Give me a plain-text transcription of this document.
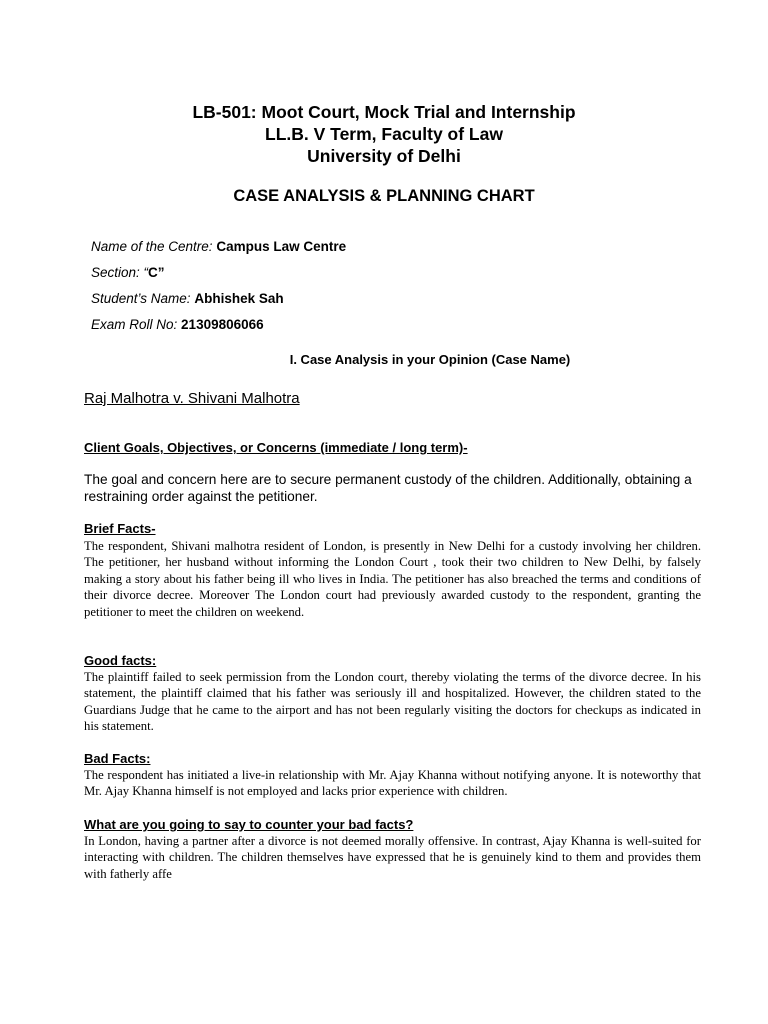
LB-501: Moot Court, Mock Trial and Internship
LL.B. V Term, Faculty of Law
University of Delhi
CASE ANALYSIS & PLANNING CHART
Name of the Centre: Campus Law Centre
Section: “C”
Student’s Name: Abhishek Sah
Exam Roll No: 21309806066
I. Case Analysis in your Opinion (Case Name)
Raj Malhotra v. Shivani Malhotra
Client Goals, Objectives, or Concerns (immediate / long term)-
The goal and concern here are to secure permanent custody of the children. Additionally, obtaining a restraining order against the petitioner.
Brief Facts-
The respondent, Shivani malhotra resident of London, is presently in New Delhi for a custody involving her children. The petitioner, her husband without informing the London Court , took their two children to New Delhi, by falsely making a story about his father being ill who lives in India. The petitioner has also breached the terms and conditions of their divorce decree. Moreover The London court had previously awarded custody to the respondent, granting the petitioner to meet the children on weekend.
Good facts:
The plaintiff failed to seek permission from the London court, thereby violating the terms of the divorce decree. In his statement, the plaintiff claimed that his father was seriously ill and hospitalized. However, the children stated to the Guardians Judge that he came to the airport and has not been regularly visiting the doctors for checkups as indicated in his statement.
Bad Facts:
The respondent has initiated a live-in relationship with Mr. Ajay Khanna without notifying anyone. It is noteworthy that Mr. Ajay Khanna himself is not employed and lacks prior experience with children.
What are you going to say to counter your bad facts?
In London, having a partner after a divorce is not deemed morally offensive. In contrast, Ajay Khanna is well-suited for interacting with children. The children themselves have expressed that he is genuinely kind to them and provides them with fatherly affe
